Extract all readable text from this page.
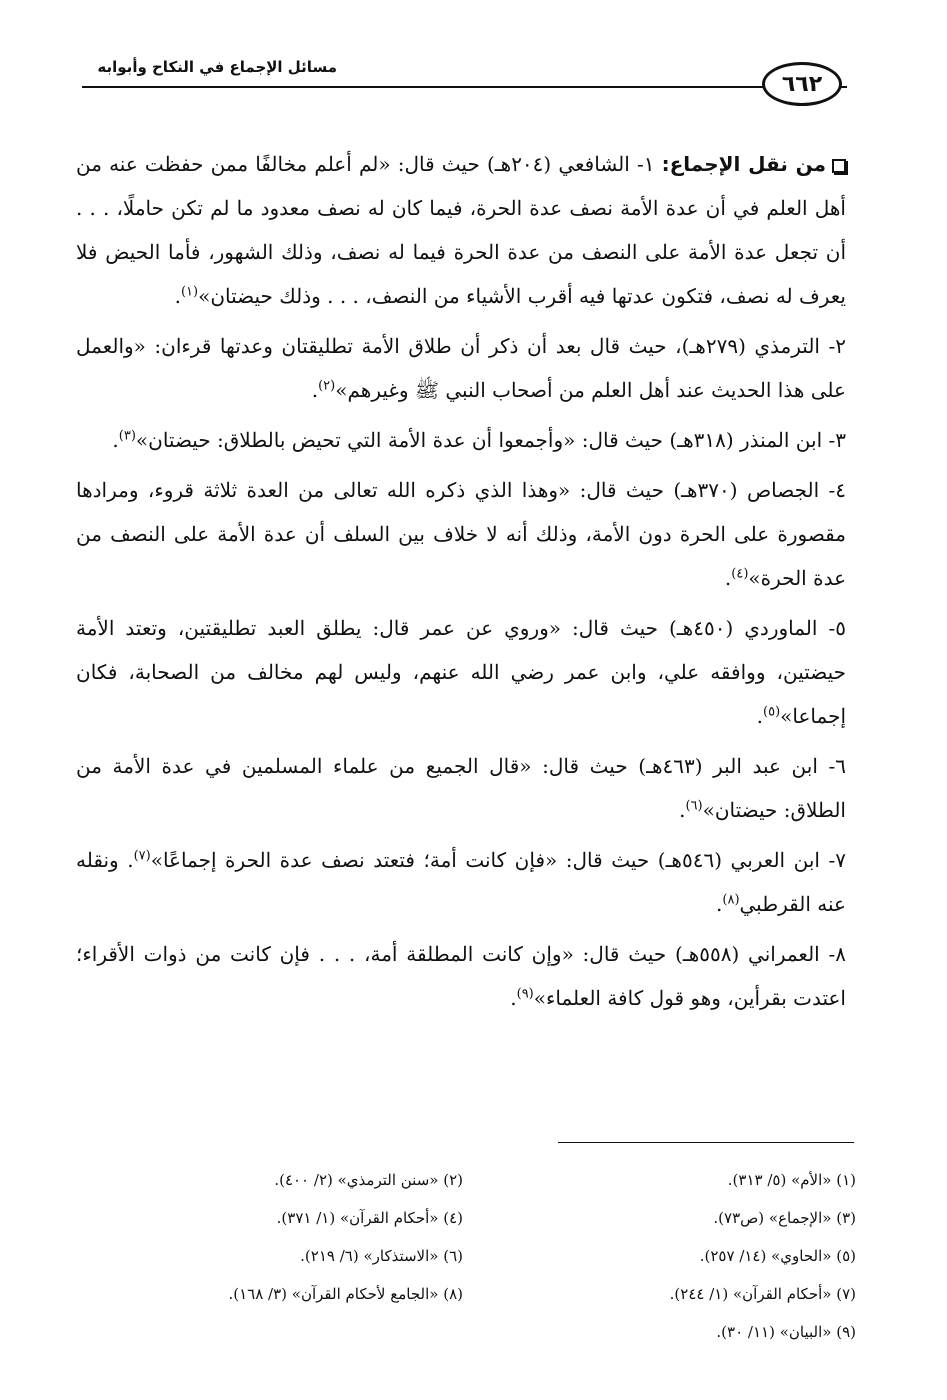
مسائل الإجماع في النكاح وأبوابه
٦٦٢

من نقل الإجماع: ١- الشافعي (٢٠٤هـ) حيث قال: «لم أعلم مخالفًا ممن حفظت عنه من أهل العلم في أن عدة الأمة نصف عدة الحرة، فيما كان له نصف معدود ما لم تكن حاملًا، . . . أن تجعل عدة الأمة على النصف من عدة الحرة فيما له نصف، وذلك الشهور، فأما الحيض فلا يعرف له نصف، فتكون عدتها فيه أقرب الأشياء من النصف، . . . وذلك حيضتان»$^{(١)}$.

٢- الترمذي (٢٧٩هـ)، حيث قال بعد أن ذكر أن طلاق الأمة تطليقتان وعدتها قرءان: «والعمل على هذا الحديث عند أهل العلم من أصحاب النبي ﷺ وغيرهم»$^{(٢)}$.

٣- ابن المنذر (٣١٨هـ) حيث قال: «وأجمعوا أن عدة الأمة التي تحيض بالطلاق: حيضتان»$^{(٣)}$.

٤- الجصاص (٣٧٠هـ) حيث قال: «وهذا الذي ذكره الله تعالى من العدة ثلاثة قروء، ومرادها مقصورة على الحرة دون الأمة، وذلك أنه لا خلاف بين السلف أن عدة الأمة على النصف من عدة الحرة»$^{(٤)}$.

٥- الماوردي (٤٥٠هـ) حيث قال: «وروي عن عمر قال: يطلق العبد تطليقتين، وتعتد الأمة حيضتين، ووافقه علي، وابن عمر رضي الله عنهم، وليس لهم مخالف من الصحابة، فكان إجماعا»$^{(٥)}$.

٦- ابن عبد البر (٤٦٣هـ) حيث قال: «قال الجميع من علماء المسلمين في عدة الأمة من الطلاق: حيضتان»$^{(٦)}$.

٧- ابن العربي (٥٤٦هـ) حيث قال: «فإن كانت أمة؛ فتعتد نصف عدة الحرة إجماعًا»$^{(٧)}$. ونقله عنه القرطبي$^{(٨)}$.

٨- العمراني (٥٥٨هـ) حيث قال: «وإن كانت المطلقة أمة، . . . فإن كانت من ذوات الأقراء؛ اعتدت بقرأين، وهو قول كافة العلماء»$^{(٩)}$.

(١) «الأم» (٥/ ٣١٣).
(٢) «سنن الترمذي» (٢/ ٤٠٠).
(٣) «الإجماع» (ص٧٣).
(٤) «أحكام القرآن» (١/ ٣٧١).
(٥) «الحاوي» (١٤/ ٢٥٧).
(٦) «الاستذكار» (٦/ ٢١٩).
(٧) «أحكام القرآن» (١/ ٢٤٤).
(٨) «الجامع لأحكام القرآن» (٣/ ١٦٨).
(٩) «البيان» (١١/ ٣٠).
